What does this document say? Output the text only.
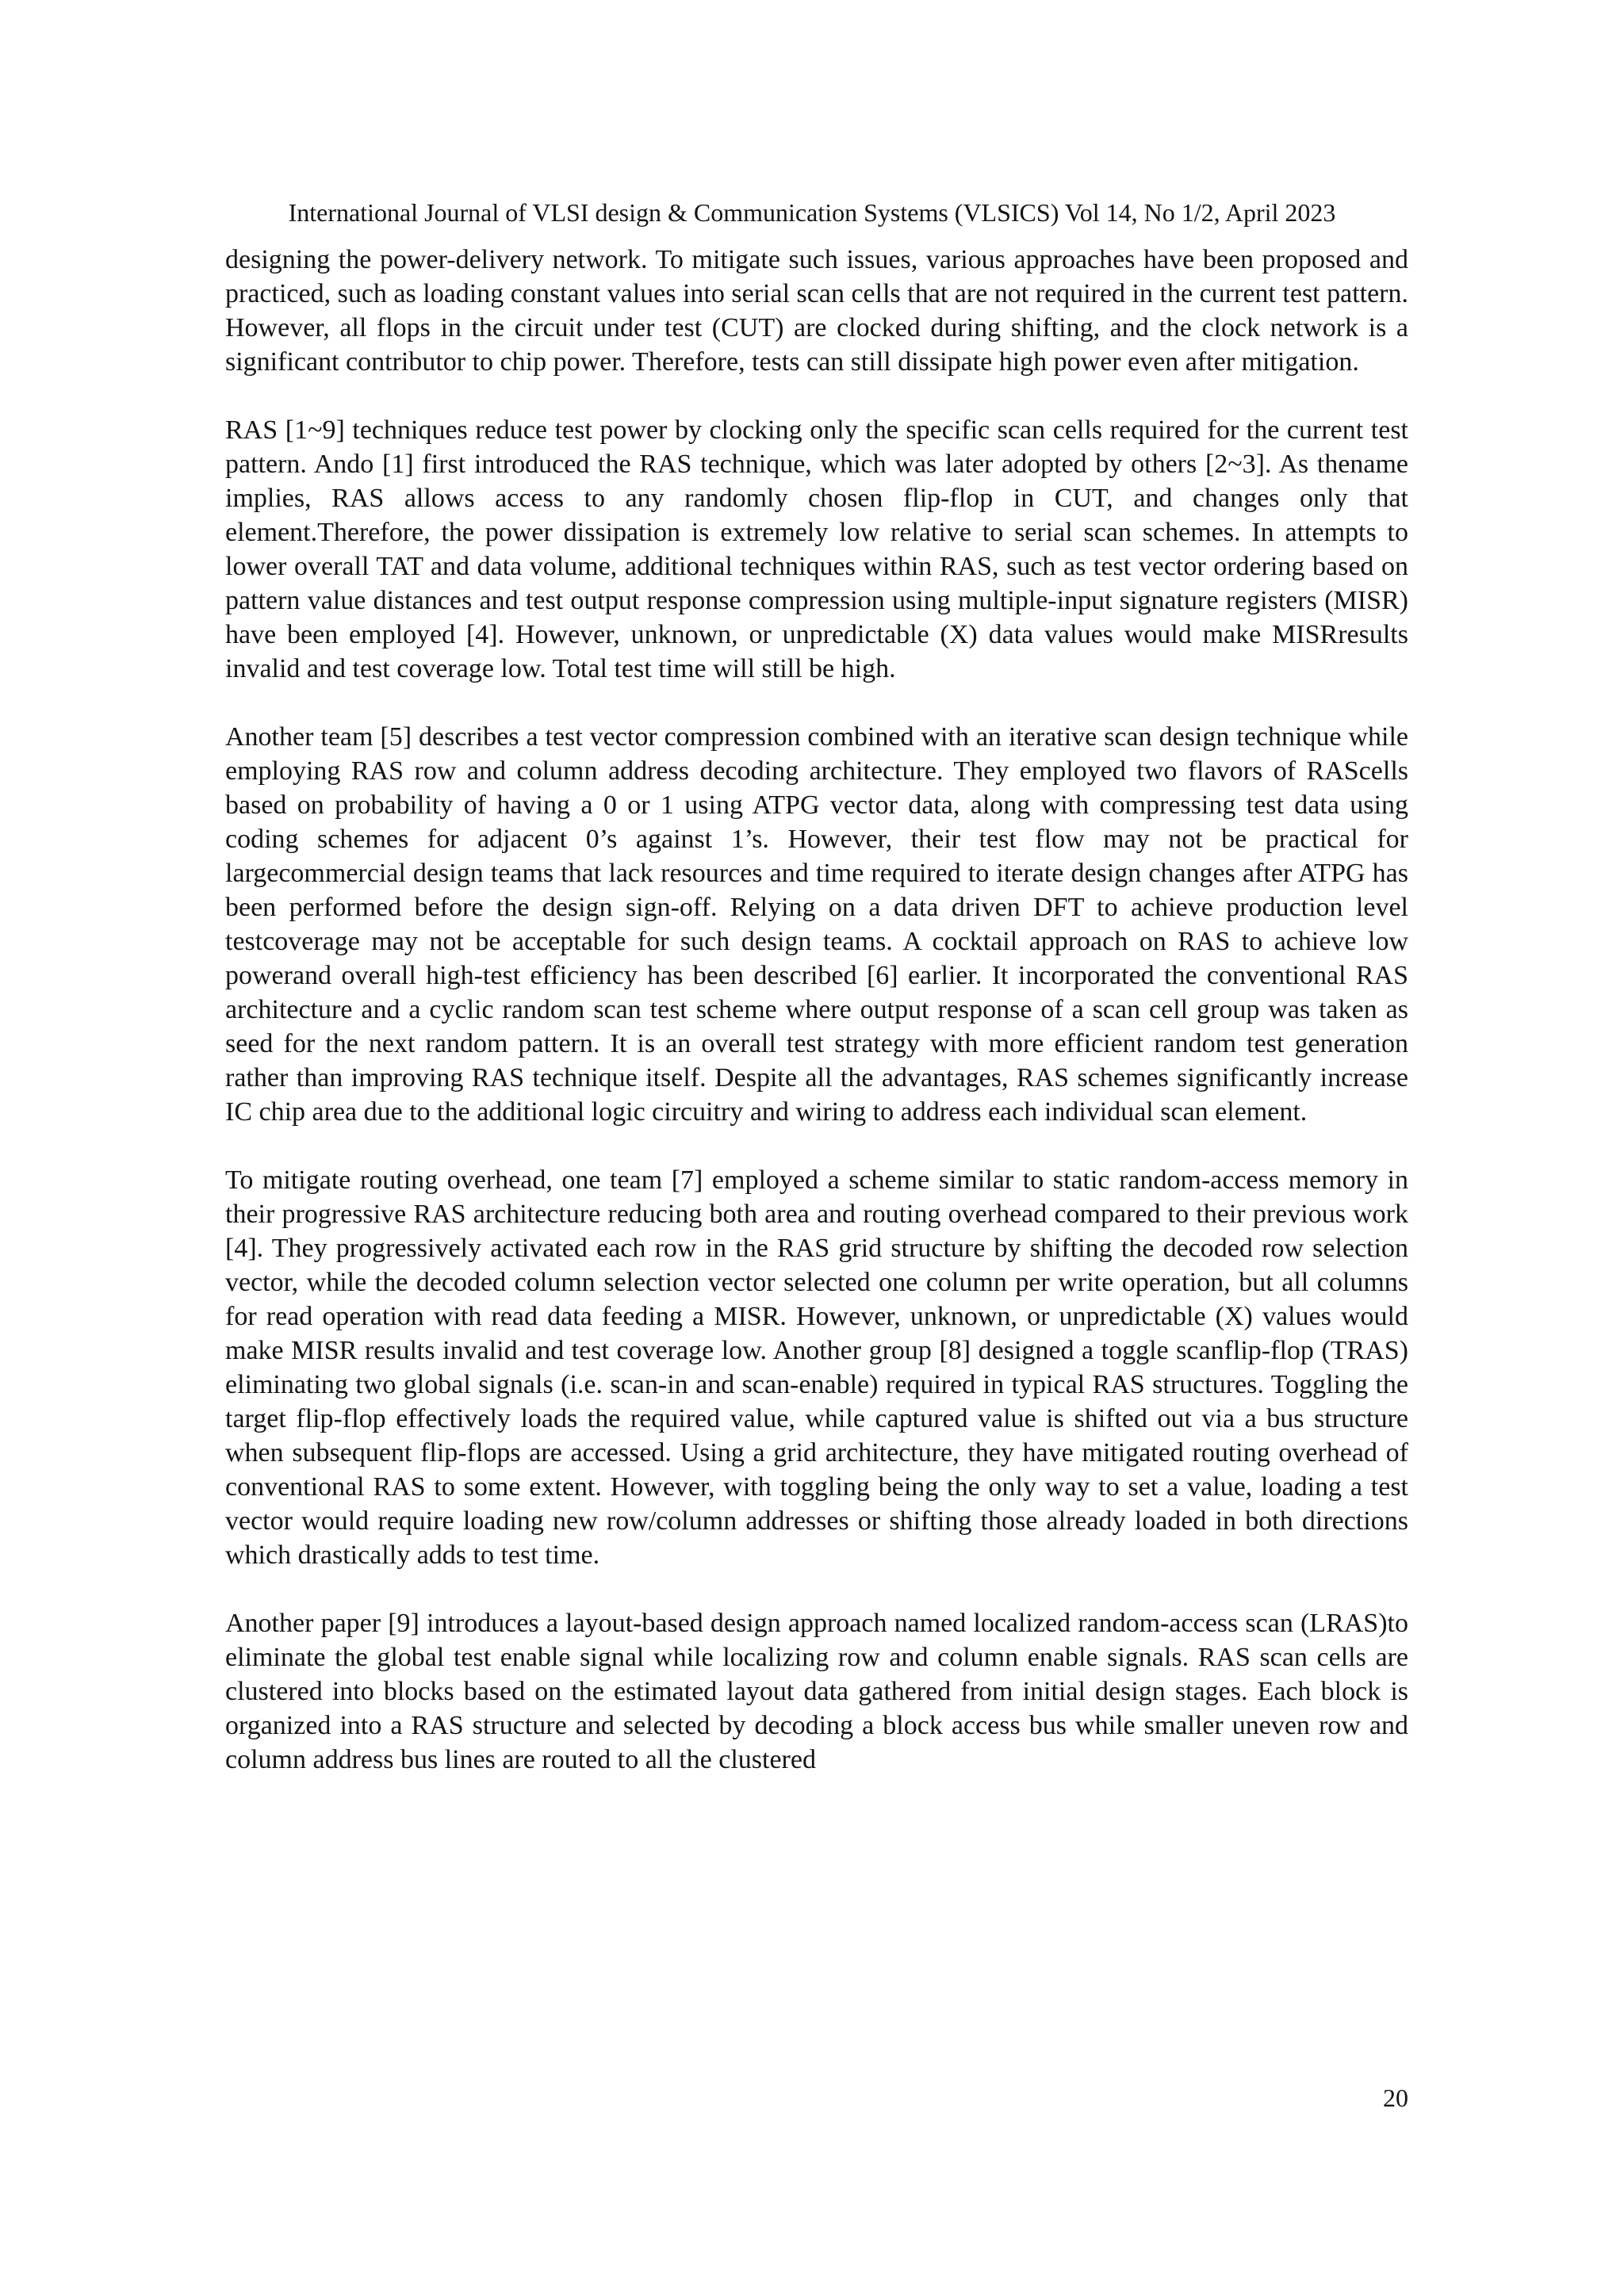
International Journal of VLSI design & Communication Systems (VLSICS) Vol 14, No 1/2, April 2023

designing the power-delivery network. To mitigate such issues, various approaches have been proposed and practiced, such as loading constant values into serial scan cells that are not required in the current test pattern. However, all flops in the circuit under test (CUT) are clocked during shifting, and the clock network is a significant contributor to chip power. Therefore, tests can still dissipate high power even after mitigation.

RAS [1~9] techniques reduce test power by clocking only the specific scan cells required for the current test pattern. Ando [1] first introduced the RAS technique, which was later adopted by others [2~3]. As thename implies, RAS allows access to any randomly chosen flip-flop in CUT, and changes only that element.Therefore, the power dissipation is extremely low relative to serial scan schemes. In attempts to lower overall TAT and data volume, additional techniques within RAS, such as test vector ordering based on pattern value distances and test output response compression using multiple-input signature registers (MISR) have been employed [4]. However, unknown, or unpredictable (X) data values would make MISRresults invalid and test coverage low. Total test time will still be high.

Another team [5] describes a test vector compression combined with an iterative scan design technique while employing RAS row and column address decoding architecture. They employed two flavors of RAScells based on probability of having a 0 or 1 using ATPG vector data, along with compressing test data using coding schemes for adjacent 0’s against 1’s. However, their test flow may not be practical for largecommercial design teams that lack resources and time required to iterate design changes after ATPG has been performed before the design sign-off. Relying on a data driven DFT to achieve production level testcoverage may not be acceptable for such design teams. A cocktail approach on RAS to achieve low powerand overall high-test efficiency has been described [6] earlier. It incorporated the conventional RAS architecture and a cyclic random scan test scheme where output response of a scan cell group was taken as seed for the next random pattern. It is an overall test strategy with more efficient random test generation rather than improving RAS technique itself. Despite all the advantages, RAS schemes significantly increase IC chip area due to the additional logic circuitry and wiring to address each individual scan element.

To mitigate routing overhead, one team [7] employed a scheme similar to static random-access memory in their progressive RAS architecture reducing both area and routing overhead compared to their previous work [4]. They progressively activated each row in the RAS grid structure by shifting the decoded row selection vector, while the decoded column selection vector selected one column per write operation, but all columns for read operation with read data feeding a MISR. However, unknown, or unpredictable (X) values would make MISR results invalid and test coverage low. Another group [8] designed a toggle scanflip-flop (TRAS) eliminating two global signals (i.e. scan-in and scan-enable) required in typical RAS structures. Toggling the target flip-flop effectively loads the required value, while captured value is shifted out via a bus structure when subsequent flip-flops are accessed. Using a grid architecture, they have mitigated routing overhead of conventional RAS to some extent. However, with toggling being the only way to set a value, loading a test vector would require loading new row/column addresses or shifting those already loaded in both directions which drastically adds to test time.

Another paper [9] introduces a layout-based design approach named localized random-access scan (LRAS)to eliminate the global test enable signal while localizing row and column enable signals. RAS scan cells are clustered into blocks based on the estimated layout data gathered from initial design stages. Each block is organized into a RAS structure and selected by decoding a block access bus while smaller uneven row and column address bus lines are routed to all the clustered

20
